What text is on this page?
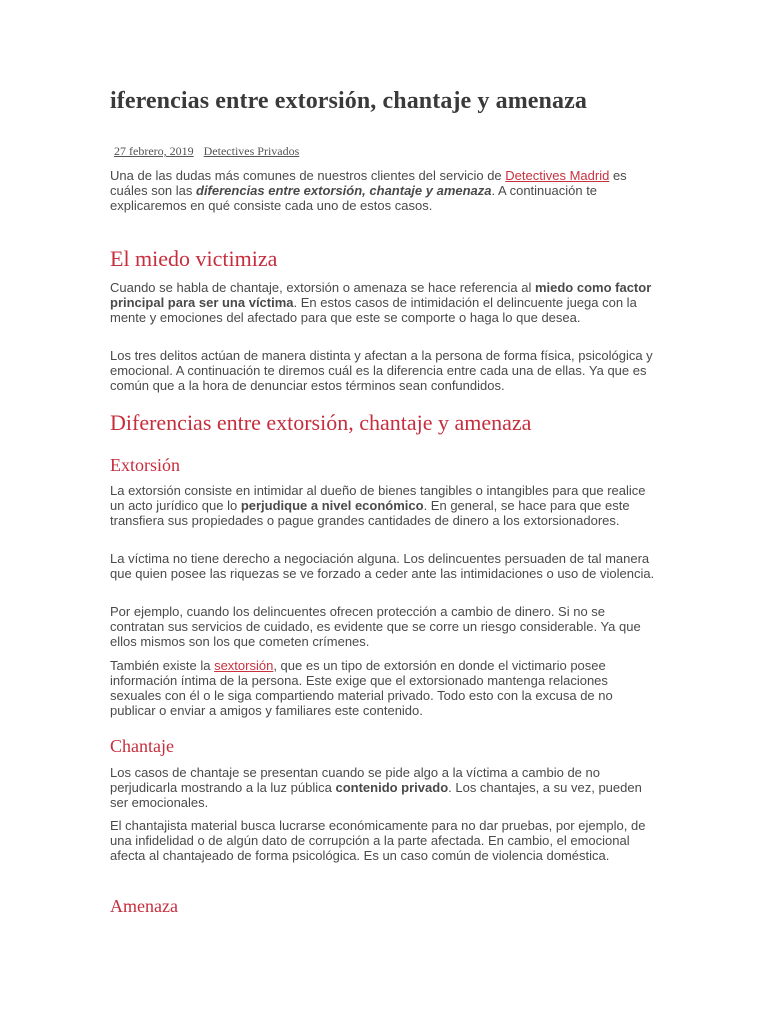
iferencias entre extorsión, chantaje y amenaza
27 febrero, 2019 Detectives Privados

Una de las dudas más comunes de nuestros clientes del servicio de Detectives Madrid es cuáles son las diferencias entre extorsión, chantaje y amenaza. A continuación te explicaremos en qué consiste cada uno de estos casos.

El miedo victimiza

Cuando se habla de chantaje, extorsión o amenaza se hace referencia al miedo como factor principal para ser una víctima. En estos casos de intimidación el delincuente juega con la mente y emociones del afectado para que este se comporte o haga lo que desea.

Los tres delitos actúan de manera distinta y afectan a la persona de forma física, psicológica y emocional. A continuación te diremos cuál es la diferencia entre cada una de ellas. Ya que es común que a la hora de denunciar estos términos sean confundidos.

Diferencias entre extorsión, chantaje y amenaza
Extorsión

La extorsión consiste en intimidar al dueño de bienes tangibles o intangibles para que realice un acto jurídico que lo perjudique a nivel económico. En general, se hace para que este transfiera sus propiedades o pague grandes cantidades de dinero a los extorsionadores.

La víctima no tiene derecho a negociación alguna. Los delincuentes persuaden de tal manera que quien posee las riquezas se ve forzado a ceder ante las intimidaciones o uso de violencia.

Por ejemplo, cuando los delincuentes ofrecen protección a cambio de dinero. Si no se contratan sus servicios de cuidado, es evidente que se corre un riesgo considerable. Ya que ellos mismos son los que cometen crímenes.

También existe la sextorsión, que es un tipo de extorsión en donde el victimario posee información íntima de la persona. Este exige que el extorsionado mantenga relaciones sexuales con él o le siga compartiendo material privado. Todo esto con la excusa de no publicar o enviar a amigos y familiares este contenido.

Chantaje

Los casos de chantaje se presentan cuando se pide algo a la víctima a cambio de no perjudicarla mostrando a la luz pública contenido privado. Los chantajes, a su vez, pueden ser emocionales.

El chantajista material busca lucrarse económicamente para no dar pruebas, por ejemplo, de una infidelidad o de algún dato de corrupción a la parte afectada. En cambio, el emocional afecta al chantajeado de forma psicológica. Es un caso común de violencia doméstica.

Amenaza
